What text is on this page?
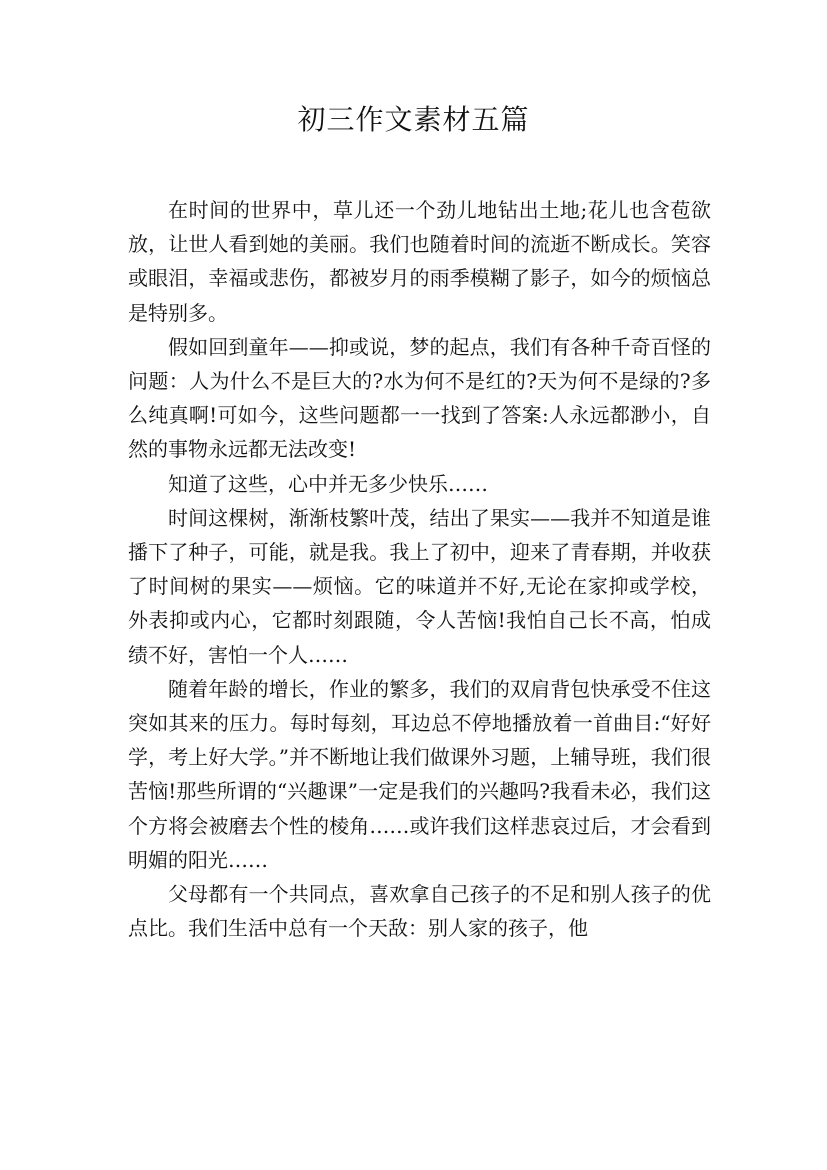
初三作文素材五篇

在时间的世界中，草儿还一个劲儿地钻出土地;花儿也含苞欲放，让世人看到她的美丽。我们也随着时间的流逝不断成长。笑容或眼泪，幸福或悲伤，都被岁月的雨季模糊了影子，如今的烦恼总是特别多。

假如回到童年——抑或说，梦的起点，我们有各种千奇百怪的问题：人为什么不是巨大的?水为何不是红的?天为何不是绿的?多么纯真啊!可如今，这些问题都一一找到了答案:人永远都渺小，自然的事物永远都无法改变!

知道了这些，心中并无多少快乐……

时间这棵树，渐渐枝繁叶茂，结出了果实——我并不知道是谁播下了种子，可能，就是我。我上了初中，迎来了青春期，并收获了时间树的果实——烦恼。它的味道并不好,无论在家抑或学校，外表抑或内心，它都时刻跟随，令人苦恼!我怕自己长不高，怕成绩不好，害怕一个人……

随着年龄的增长，作业的繁多，我们的双肩背包快承受不住这突如其来的压力。每时每刻，耳边总不停地播放着一首曲目:“好好学，考上好大学。”并不断地让我们做课外习题，上辅导班，我们很苦恼!那些所谓的“兴趣课”一定是我们的兴趣吗?我看未必，我们这个方将会被磨去个性的棱角……或许我们这样悲哀过后，才会看到明媚的阳光……

父母都有一个共同点，喜欢拿自己孩子的不足和别人孩子的优点比。我们生活中总有一个天敌：别人家的孩子，他
